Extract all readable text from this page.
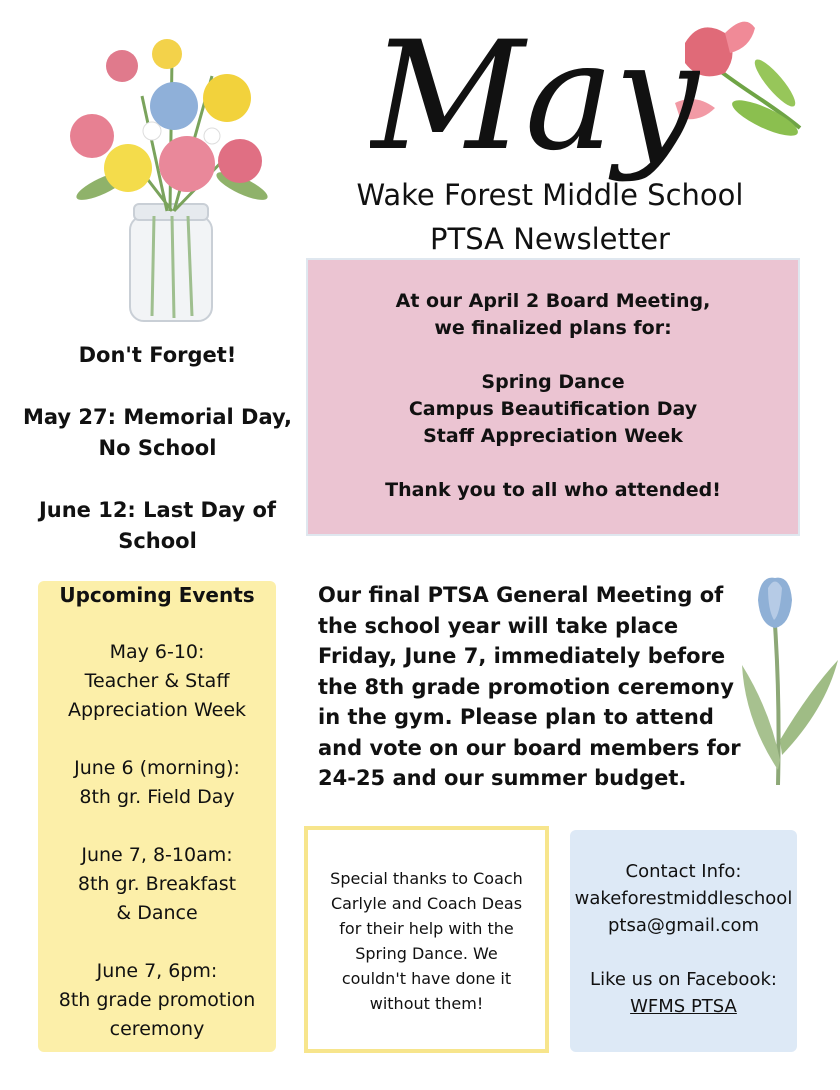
May
Wake Forest Middle School
PTSA Newsletter

At our April 2 Board Meeting,

we finalized plans for:

Spring Dance

Campus Beautification Day

Staff Appreciation Week

Thank you to all who attended!

Don't Forget!

May 27: Memorial Day,

No School

June 12: Last Day of

School

Upcoming Events

May 6-10:

Teacher & Staff

Appreciation Week

June 6 (morning):

8th gr. Field Day

June 7, 8-10am:

8th gr. Breakfast

& Dance

June 7, 6pm:

8th grade promotion

ceremony

Our final PTSA General Meeting of the school year will take place Friday, June 7, immediately before the 8th grade promotion ceremony in the gym. Please plan to attend and vote on our board members for 24-25 and our summer budget.
Special thanks to Coach Carlyle and Coach Deas for their help with the Spring Dance. We couldn't have done it without them!

Contact Info:

wakeforestmiddleschool

ptsa@gmail.com

Like us on Facebook:

WFMS PTSA
